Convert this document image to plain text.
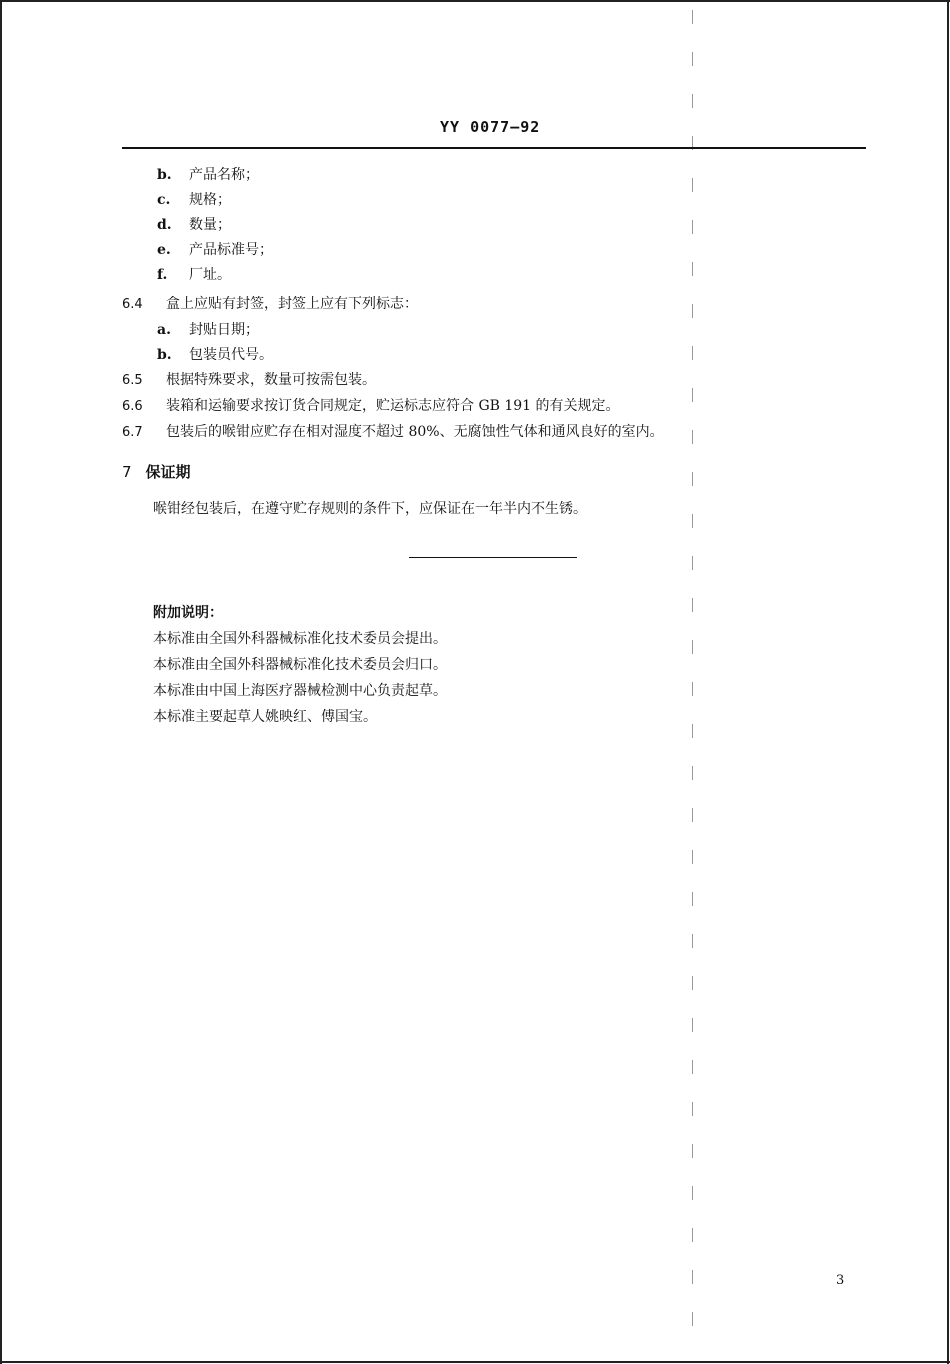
YY 0077—92
b. 产品名称；
c. 规格；
d. 数量；
e. 产品标准号；
f. 厂址。
6.4 盒上应贴有封签，封签上应有下列标志：
a. 封贴日期；
b. 包装员代号。
6.5 根据特殊要求，数量可按需包装。
6.6 装箱和运输要求按订货合同规定，贮运标志应符合 GB 191 的有关规定。
6.7 包装后的喉钳应贮存在相对湿度不超过 80%、无腐蚀性气体和通风良好的室内。
7 保证期
喉钳经包装后，在遵守贮存规则的条件下，应保证在一年半内不生锈。
附加说明：
本标准由全国外科器械标准化技术委员会提出。
本标准由全国外科器械标准化技术委员会归口。
本标准由中国上海医疗器械检测中心负责起草。
本标准主要起草人姚映红、傅国宝。
3
